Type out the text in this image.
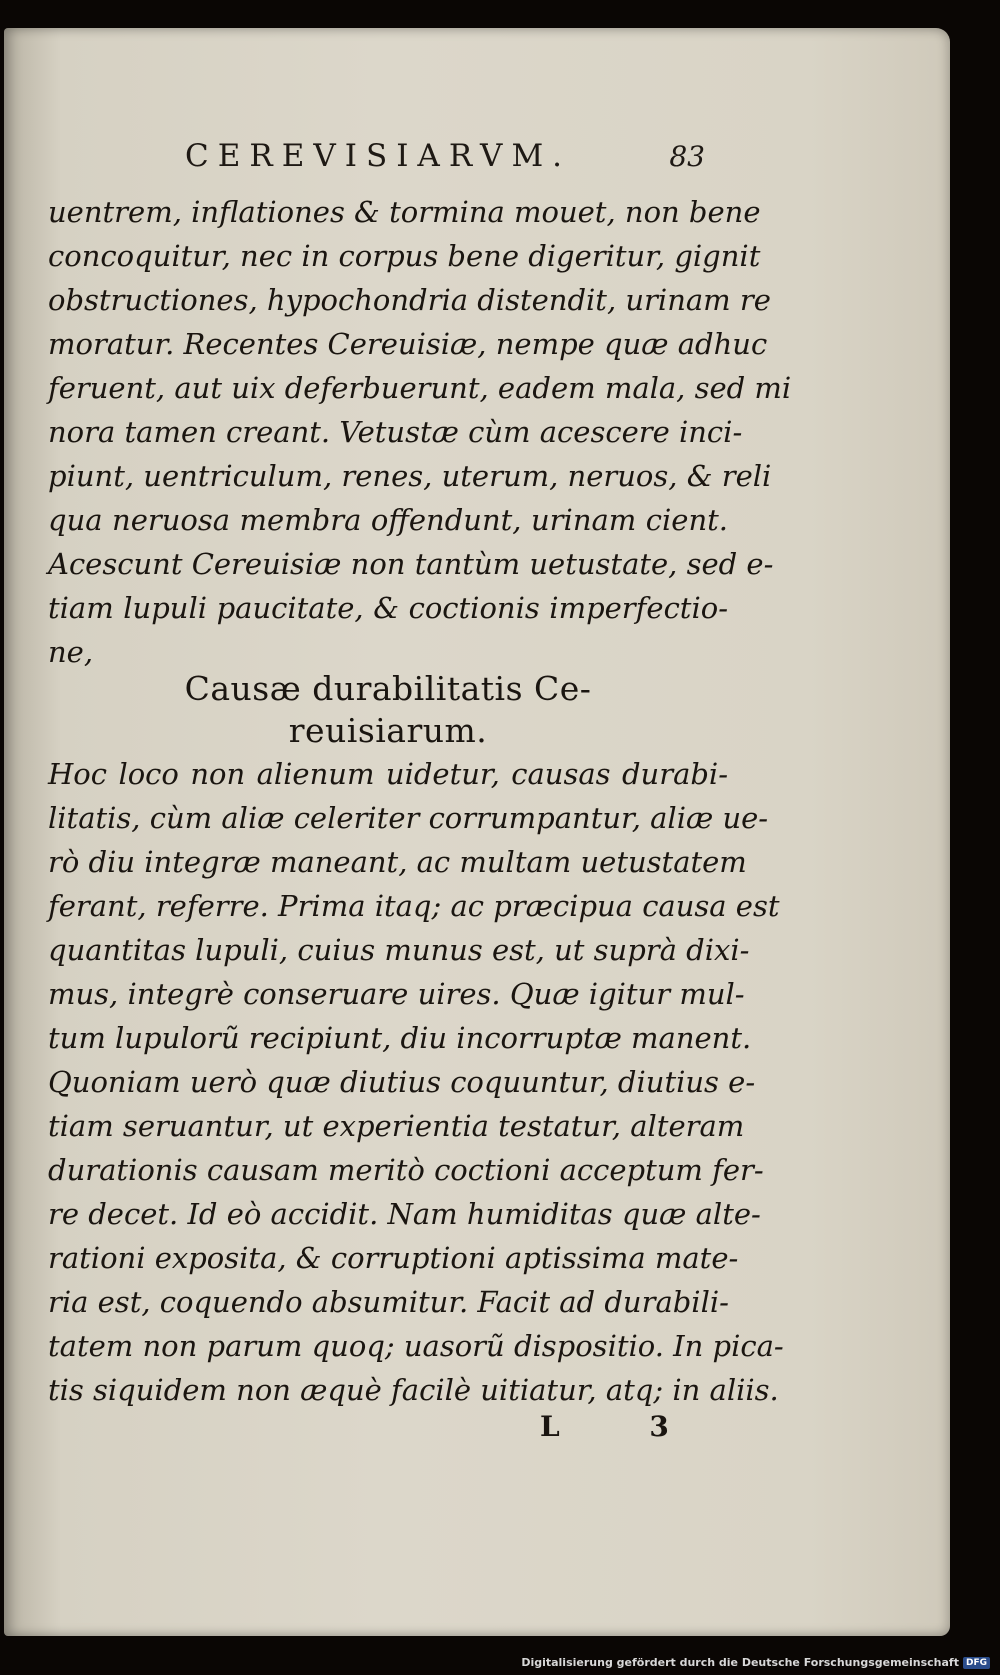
CEREVISIARVM.	83
uentrem, inflationes & tormina mouet, non bene
concoquitur, nec in corpus bene digeritur, gignit
obstructiones, hypochondria distendit, urinam re
moratur. Recentes Cereuisiæ, nempe quæ adhuc
feruent, aut uix deferbuerunt, eadem mala, sed mi
nora tamen creant. Vetustæ cùm acescere inci-
piunt, uentriculum, renes, uterum, neruos, & reli
qua neruosa membra offendunt, urinam cient.
Acescunt Cereuisiæ non tantùm uetustate, sed e-
tiam lupuli paucitate, & coctionis imperfectio-
ne,
Causæ durabilitatis Ce-
reuisiarum.
Hoc loco non alienum uidetur, causas durabi-
litatis, cùm aliæ celeriter corrumpantur, aliæ ue-
rò diu integræ maneant, ac multam uetustatem
ferant, referre. Prima itaq; ac præcipua causa est
quantitas lupuli, cuius munus est, ut suprà dixi-
mus, integrè conseruare uires. Quæ igitur mul-
tum lupulorũ recipiunt, diu incorruptæ manent.
Quoniam uerò quæ diutius coquuntur, diutius e-
tiam seruantur, ut experientia testatur, alteram
durationis causam meritò coctioni acceptum fer-
re decet. Id eò accidit. Nam humiditas quæ alte-
rationi exposita, & corruptioni aptissima mate-
ria est, coquendo absumitur. Facit ad durabili-
tatem non parum quoq; uasorũ dispositio. In pica-
tis siquidem non æquè facilè uitiatur, atq; in aliis.
L 3
Digitalisierung gefördert durch die Deutsche Forschungsgemeinschaft DFG
